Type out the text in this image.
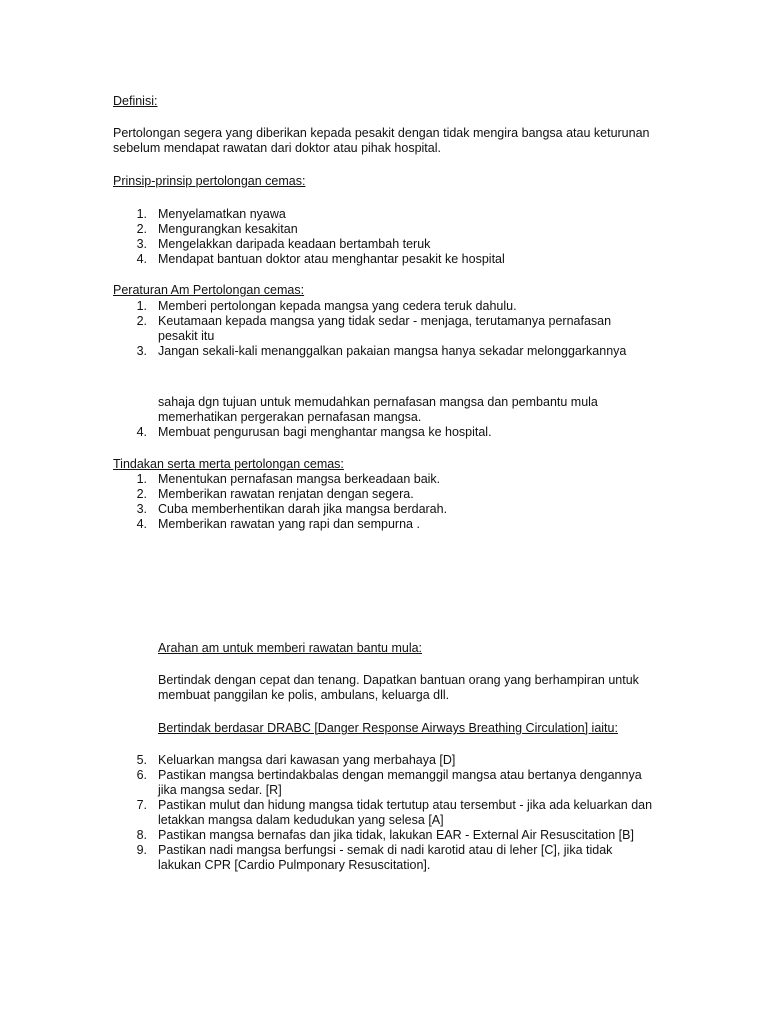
Definisi:

Pertolongan segera yang diberikan kepada pesakit dengan tidak mengira bangsa atau keturunan

sebelum mendapat rawatan dari doktor atau pihak hospital.

Prinsip-prinsip pertolongan cemas:
1. Menyelamatkan nyawa
2. Mengurangkan kesakitan
3. Mengelakkan daripada keadaan bertambah teruk
4. Mendapat bantuan doktor atau menghantar pesakit ke hospital
Peraturan Am Pertolongan cemas:
1. Memberi pertolongan kepada mangsa yang cedera teruk dahulu.
2. Keutamaan kepada mangsa yang tidak sedar - menjaga, terutamanya pernafasan
pesakit itu
3. Jangan sekali-kali menanggalkan pakaian mangsa hanya sekadar melonggarkannya

sahaja dgn tujuan untuk memudahkan pernafasan mangsa dan pembantu mula

memerhatikan pergerakan pernafasan mangsa.

4. Membuat pengurusan bagi menghantar mangsa ke hospital.
Tindakan serta merta pertolongan cemas:
1. Menentukan pernafasan mangsa berkeadaan baik.
2. Memberikan rawatan renjatan dengan segera.
3. Cuba memberhentikan darah jika mangsa berdarah.
4. Memberikan rawatan yang rapi dan sempurna .
Arahan am untuk memberi rawatan bantu mula:

Bertindak dengan cepat dan tenang. Dapatkan bantuan orang yang berhampiran untuk

membuat panggilan ke polis, ambulans, keluarga dll.

Bertindak berdasar DRABC [Danger Response Airways Breathing Circulation] iaitu:
5. Keluarkan mangsa dari kawasan yang merbahaya [D]
6. Pastikan mangsa bertindakbalas dengan memanggil mangsa atau bertanya dengannya
jika mangsa sedar. [R]
7. Pastikan mulut dan hidung mangsa tidak tertutup atau tersembut - jika ada keluarkan dan
letakkan mangsa dalam kedudukan yang selesa [A]
8. Pastikan mangsa bernafas dan jika tidak, lakukan EAR - External Air Resuscitation [B]
9. Pastikan nadi mangsa berfungsi - semak di nadi karotid atau di leher [C], jika tidak
lakukan CPR [Cardio Pulmponary Resuscitation].
